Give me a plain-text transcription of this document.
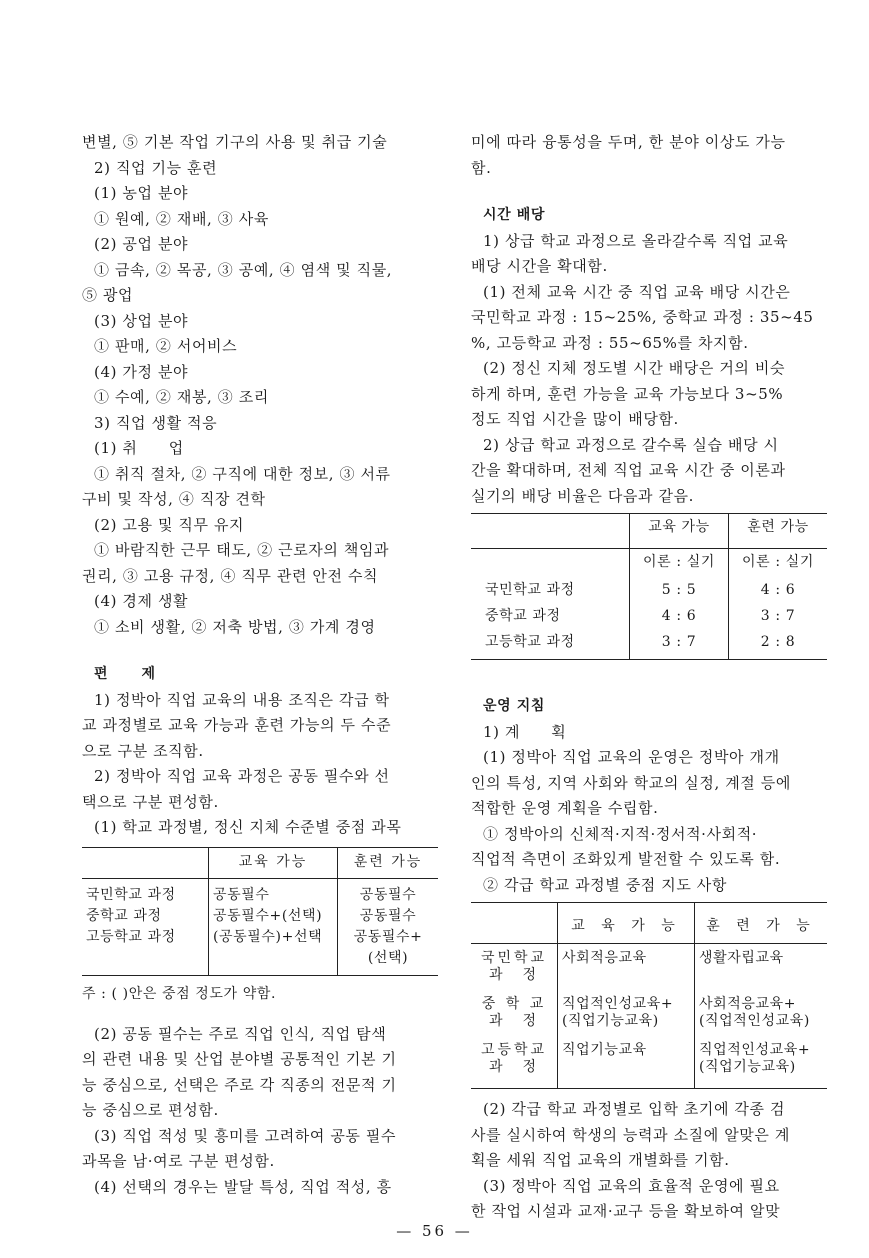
변별, ⑤ 기본 작업 기구의 사용 및 취급 기술
2) 직업 기능 훈련
(1) 농업 분야
① 원예, ② 재배, ③ 사육
(2) 공업 분야
① 금속, ② 목공, ③ 공예, ④ 염색 및 직물,
⑤ 광업
(3) 상업 분야
① 판매, ② 서어비스
(4) 가정 분야
① 수예, ② 재봉, ③ 조리
3) 직업 생활 적응
(1) 취　　업
① 취직 절차, ② 구직에 대한 정보, ③ 서류
구비 및 작성, ④ 직장 견학
(2) 고용 및 직무 유지
① 바람직한 근무 태도, ② 근로자의 책임과
권리, ③ 고용 규정, ④ 직무 관련 안전 수칙
(4) 경제 생활
① 소비 생활, ② 저축 방법, ③ 가계 경영
편　제
1) 정박아 직업 교육의 내용 조직은 각급 학
교 과정별로 교육 가능과 훈련 가능의 두 수준
으로 구분 조직함.
2) 정박아 직업 교육 과정은 공동 필수와 선
택으로 구분 편성함.
(1) 학교 과정별, 정신 지체 수준별 중점 과목
	교육 가능	훈련 가능
국민학교 과정	공동필수	공동필수
중학교 과정	공동필수+(선택)	공동필수
고등학교 과정	(공동필수)+선택	공동필수+
(선택)
주 : ( )안은 중점 정도가 약함.
(2) 공동 필수는 주로 직업 인식, 직업 탐색
의 관련 내용 및 산업 분야별 공통적인 기본 기
능 중심으로, 선택은 주로 각 직종의 전문적 기
능 중심으로 편성함.
(3) 직업 적성 및 흥미를 고려하여 공동 필수
과목을 남·여로 구분 편성함.
(4) 선택의 경우는 발달 특성, 직업 적성, 흥
미에 따라 융통성을 두며, 한 분야 이상도 가능
함.
시간 배당
1) 상급 학교 과정으로 올라갈수록 직업 교육
배당 시간을 확대함.
(1) 전체 교육 시간 중 직업 교육 배당 시간은
국민학교 과정 : 15~25%, 중학교 과정 : 35~45
%, 고등학교 과정 : 55~65%를 차지함.
(2) 정신 지체 정도별 시간 배당은 거의 비슷
하게 하며, 훈련 가능을 교육 가능보다 3~5%
정도 직업 시간을 많이 배당함.
2) 상급 학교 과정으로 갈수록 실습 배당 시
간을 확대하며, 전체 직업 교육 시간 중 이론과
실기의 배당 비율은 다음과 같음.
	교육 가능	훈련 가능
	이론 : 실기	이론 : 실기
국민학교 과정	5 : 5	4 : 6
중학교 과정	4 : 6	3 : 7
고등학교 과정	3 : 7	2 : 8
운영 지침
1) 계　　획
(1) 정박아 직업 교육의 운영은 정박아 개개
인의 특성, 지역 사회와 학교의 실정, 계절 등에
적합한 운영 계획을 수립함.
① 정박아의 신체적·지적·정서적·사회적·
직업적 측면이 조화있게 발전할 수 있도록 함.
② 각급 학교 과정별 중점 지도 사항
	교 육 가 능	훈 련 가 능
국민학교
과　정	사회적응교육	생활자립교육
중 학 교
과　정	직업적인성교육+
(직업기능교육)	사회적응교육+
(직업적인성교육)
고등학교
과　정	직업기능교육	직업적인성교육+
(직업기능교육)
(2) 각급 학교 과정별로 입학 초기에 각종 검
사를 실시하여 학생의 능력과 소질에 알맞은 계
획을 세워 직업 교육의 개별화를 기함.
(3) 정박아 직업 교육의 효율적 운영에 필요
한 작업 시설과 교재·교구 등을 확보하여 알맞
— 56 —
